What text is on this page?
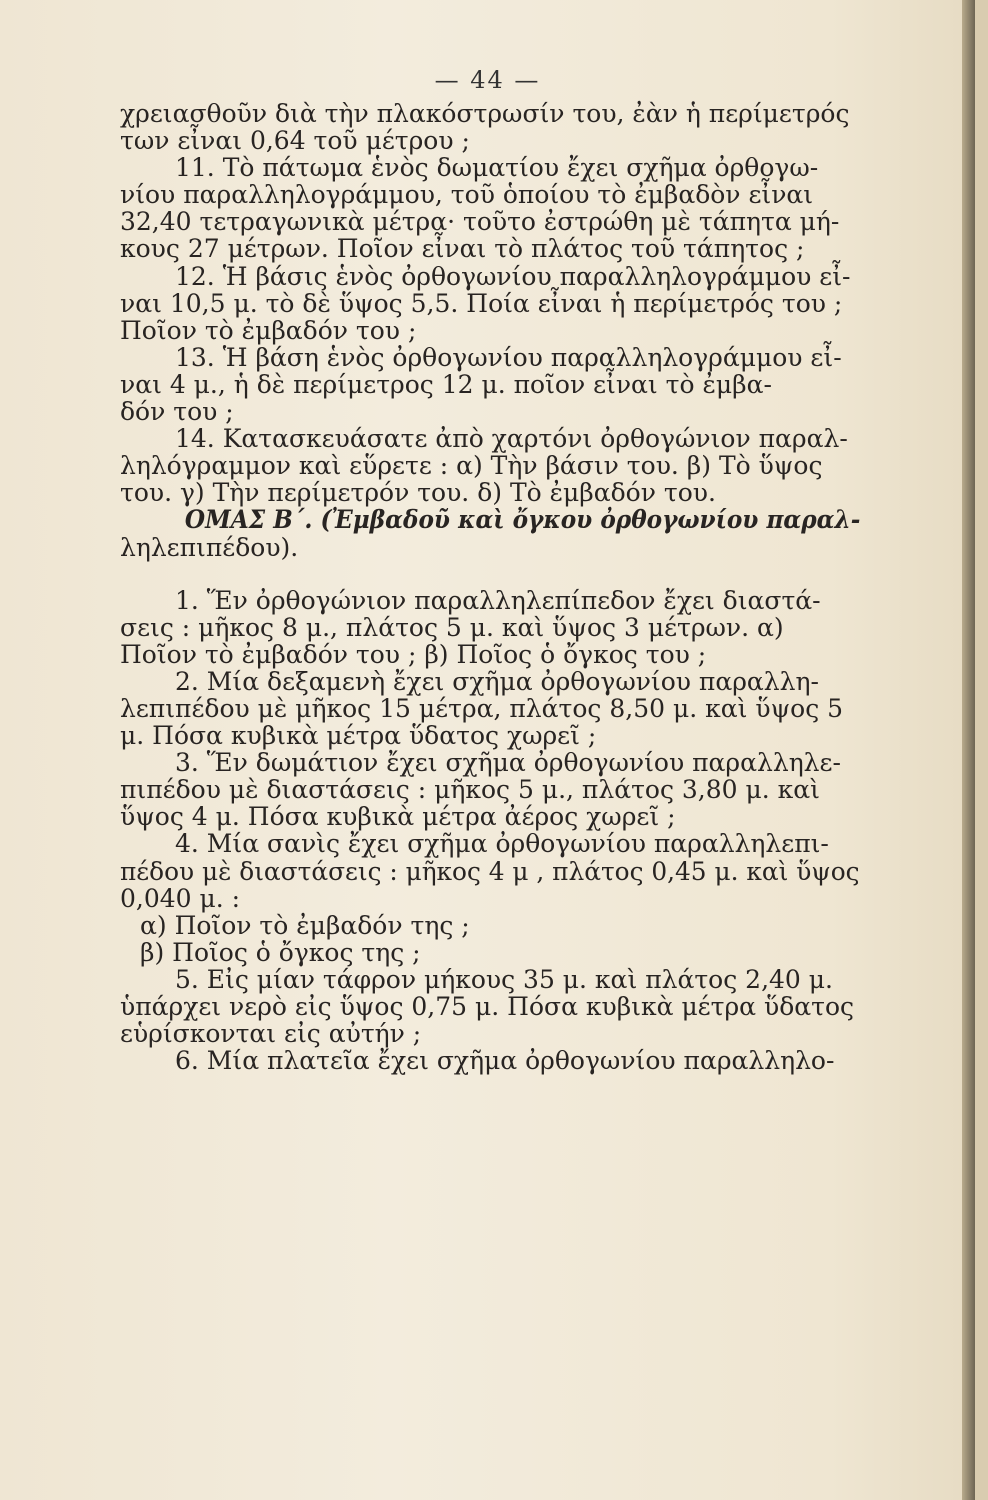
— 44 —
χρειασθοῦν διὰ τὴν πλακόστρωσίν του, ἐὰν ἡ περίμετρός
των εἶναι 0,64 τοῦ μέτρου ;
11. Τὸ πάτωμα ἑνὸς δωματίου ἔχει σχῆμα ὀρθογω-
νίου παραλληλογράμμου, τοῦ ὁποίου τὸ ἐμβαδὸν εἶναι
32,40 τετραγωνικὰ μέτρα· τοῦτο ἐστρώθη μὲ τάπητα μή-
κους 27 μέτρων. Ποῖον εἶναι τὸ πλάτος τοῦ τάπητος ;
12. Ἡ βάσις ἑνὸς ὀρθογωνίου παραλληλογράμμου εἶ-
ναι 10,5 μ. τὸ δὲ ὕψος 5,5. Ποία εἶναι ἡ περίμετρός του ;
Ποῖον τὸ ἐμβαδόν του ;
13. Ἡ βάση ἑνὸς ὀρθογωνίου παραλληλογράμμου εἶ-
ναι 4 μ., ἡ δὲ περίμετρος 12 μ. ποῖον εἶναι τὸ ἐμβα-
δόν του ;
14. Κατασκευάσατε ἀπὸ χαρτόνι ὀρθογώνιον παραλ-
ληλόγραμμον καὶ εὕρετε : α) Τὴν βάσιν του. β) Τὸ ὕψος
του. γ) Τὴν περίμετρόν του. δ) Τὸ ἐμβαδόν του.
ΟΜΑΣ Β΄. (Ἐμβαδοῦ καὶ ὄγκου ὀρθογωνίου παραλ-
ληλεπιπέδου).
1. Ἕν ὀρθογώνιον παραλληλεπίπεδον ἔχει διαστά-
σεις : μῆκος 8 μ., πλάτος 5 μ. καὶ ὕψος 3 μέτρων. α)
Ποῖον τὸ ἐμβαδόν του ; β) Ποῖος ὁ ὄγκος του ;
2. Μία δεξαμενὴ ἔχει σχῆμα ὀρθογωνίου παραλλη-
λεπιπέδου μὲ μῆκος 15 μέτρα, πλάτος 8,50 μ. καὶ ὕψος 5
μ. Πόσα κυβικὰ μέτρα ὕδατος χωρεῖ ;
3. Ἕν δωμάτιον ἔχει σχῆμα ὀρθογωνίου παραλληλε-
πιπέδου μὲ διαστάσεις : μῆκος 5 μ., πλάτος 3,80 μ. καὶ
ὕψος 4 μ. Πόσα κυβικὰ μέτρα ἀέρος χωρεῖ ;
4. Μία σανὶς ἔχει σχῆμα ὀρθογωνίου παραλληλεπι-
πέδου μὲ διαστάσεις : μῆκος 4 μ , πλάτος 0,45 μ. καὶ ὕψος
0,040 μ. :
α) Ποῖον τὸ ἐμβαδόν της ;
β) Ποῖος ὁ ὄγκος της ;
5. Εἰς μίαν τάφρον μήκους 35 μ. καὶ πλάτος 2,40 μ.
ὑπάρχει νερὸ εἰς ὕψος 0,75 μ. Πόσα κυβικὰ μέτρα ὕδατος
εὑρίσκονται εἰς αὐτήν ;
6. Μία πλατεῖα ἔχει σχῆμα ὀρθογωνίου παραλληλο-
